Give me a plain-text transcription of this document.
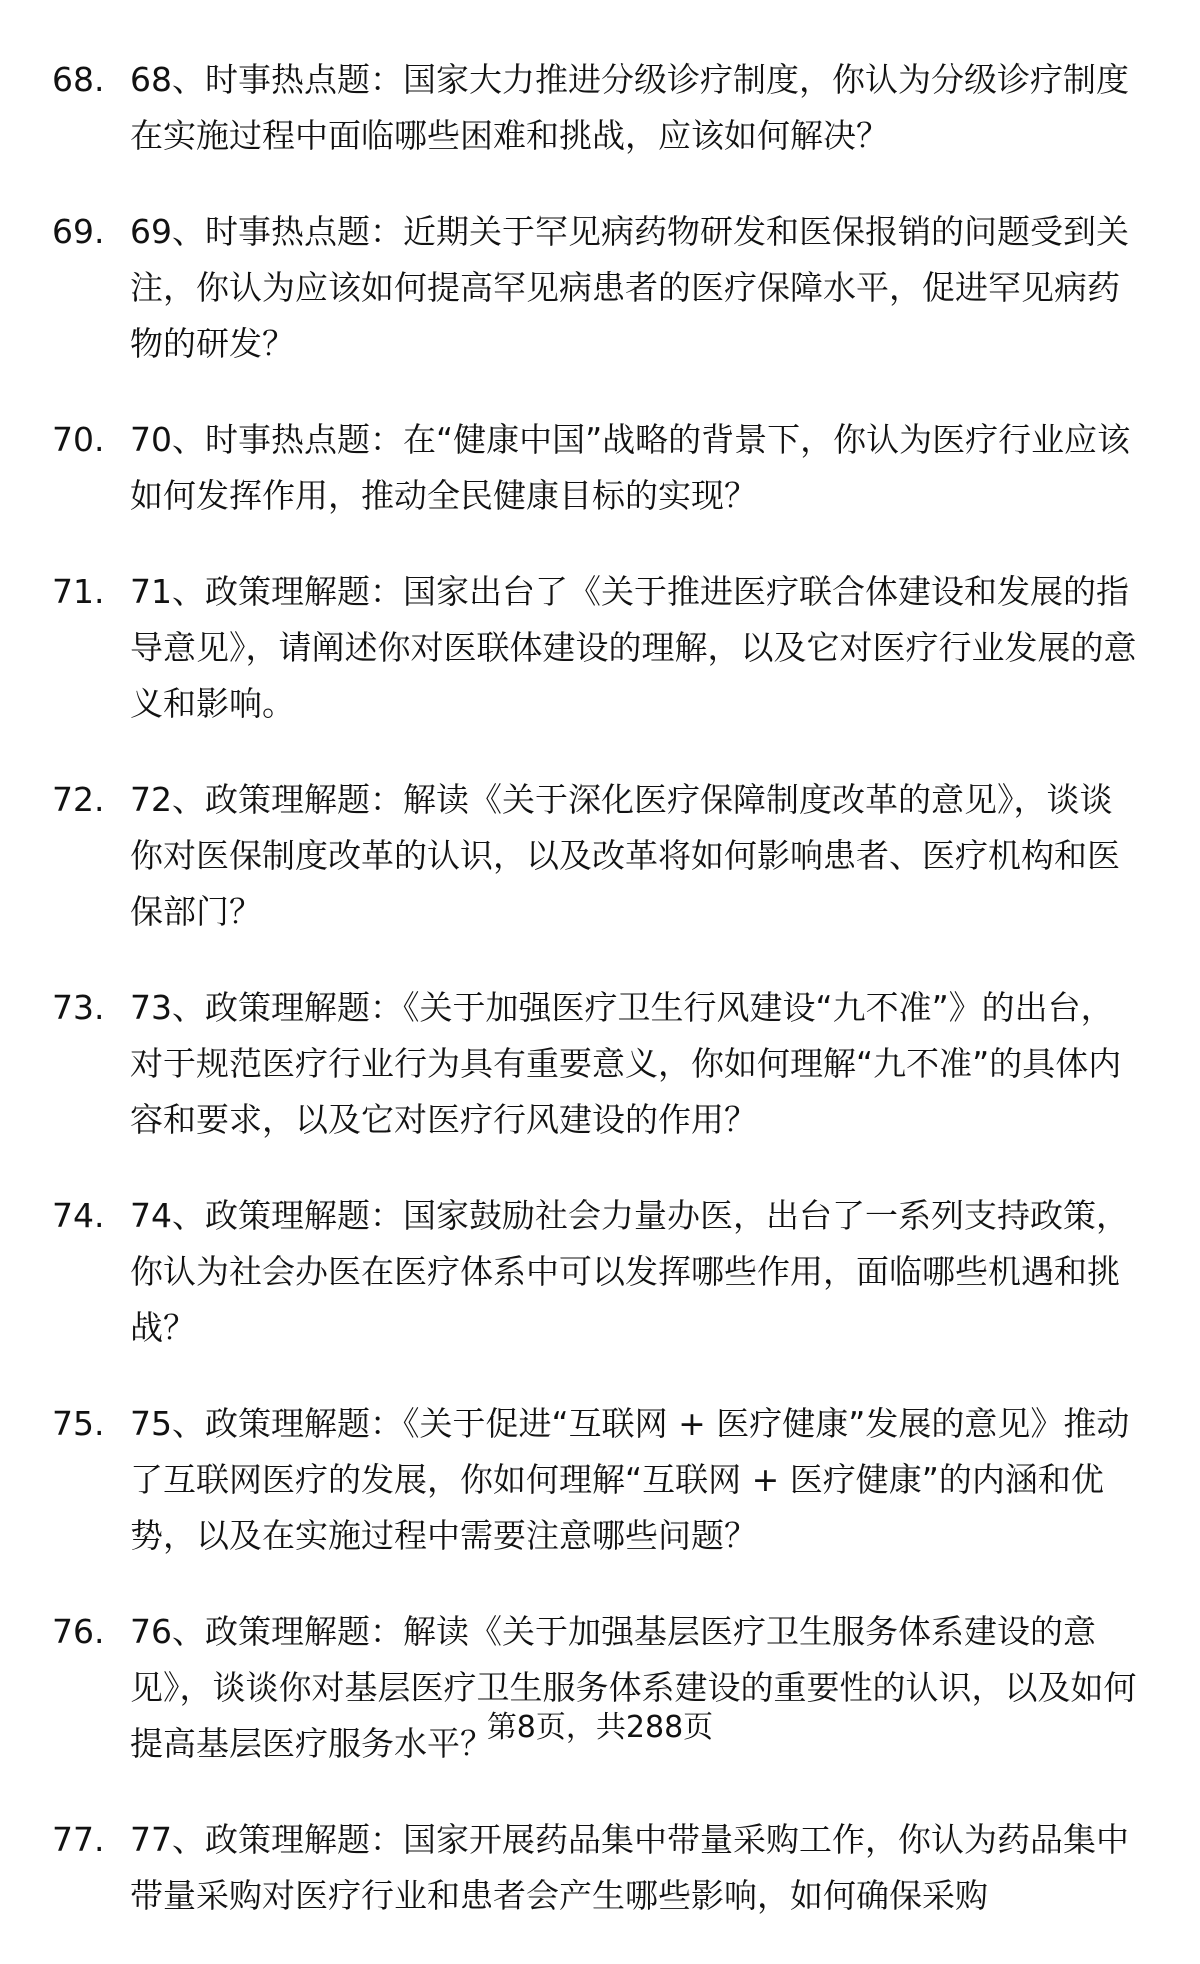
68. 68、时事热点题：国家大力推进分级诊疗制度，你认为分级诊疗制度在实施过程中面临哪些困难和挑战，应该如何解决？
69. 69、时事热点题：近期关于罕见病药物研发和医保报销的问题受到关注，你认为应该如何提高罕见病患者的医疗保障水平，促进罕见病药物的研发？
70. 70、时事热点题：在“健康中国”战略的背景下，你认为医疗行业应该如何发挥作用，推动全民健康目标的实现？
71. 71、政策理解题：国家出台了《关于推进医疗联合体建设和发展的指导意见》，请阐述你对医联体建设的理解，以及它对医疗行业发展的意义和影响。
72. 72、政策理解题：解读《关于深化医疗保障制度改革的意见》，谈谈你对医保制度改革的认识，以及改革将如何影响患者、医疗机构和医保部门？
73. 73、政策理解题：《关于加强医疗卫生行风建设“九不准”》的出台，对于规范医疗行业行为具有重要意义，你如何理解“九不准”的具体内容和要求，以及它对医疗行风建设的作用？
74. 74、政策理解题：国家鼓励社会力量办医，出台了一系列支持政策，你认为社会办医在医疗体系中可以发挥哪些作用，面临哪些机遇和挑战？
75. 75、政策理解题：《关于促进“互联网 + 医疗健康”发展的意见》推动了互联网医疗的发展，你如何理解“互联网 + 医疗健康”的内涵和优势，以及在实施过程中需要注意哪些问题？
76. 76、政策理解题：解读《关于加强基层医疗卫生服务体系建设的意见》，谈谈你对基层医疗卫生服务体系建设的重要性的认识，以及如何提高基层医疗服务水平？
77. 77、政策理解题：国家开展药品集中带量采购工作，你认为药品集中带量采购对医疗行业和患者会产生哪些影响，如何确保采购
第8页，共288页
